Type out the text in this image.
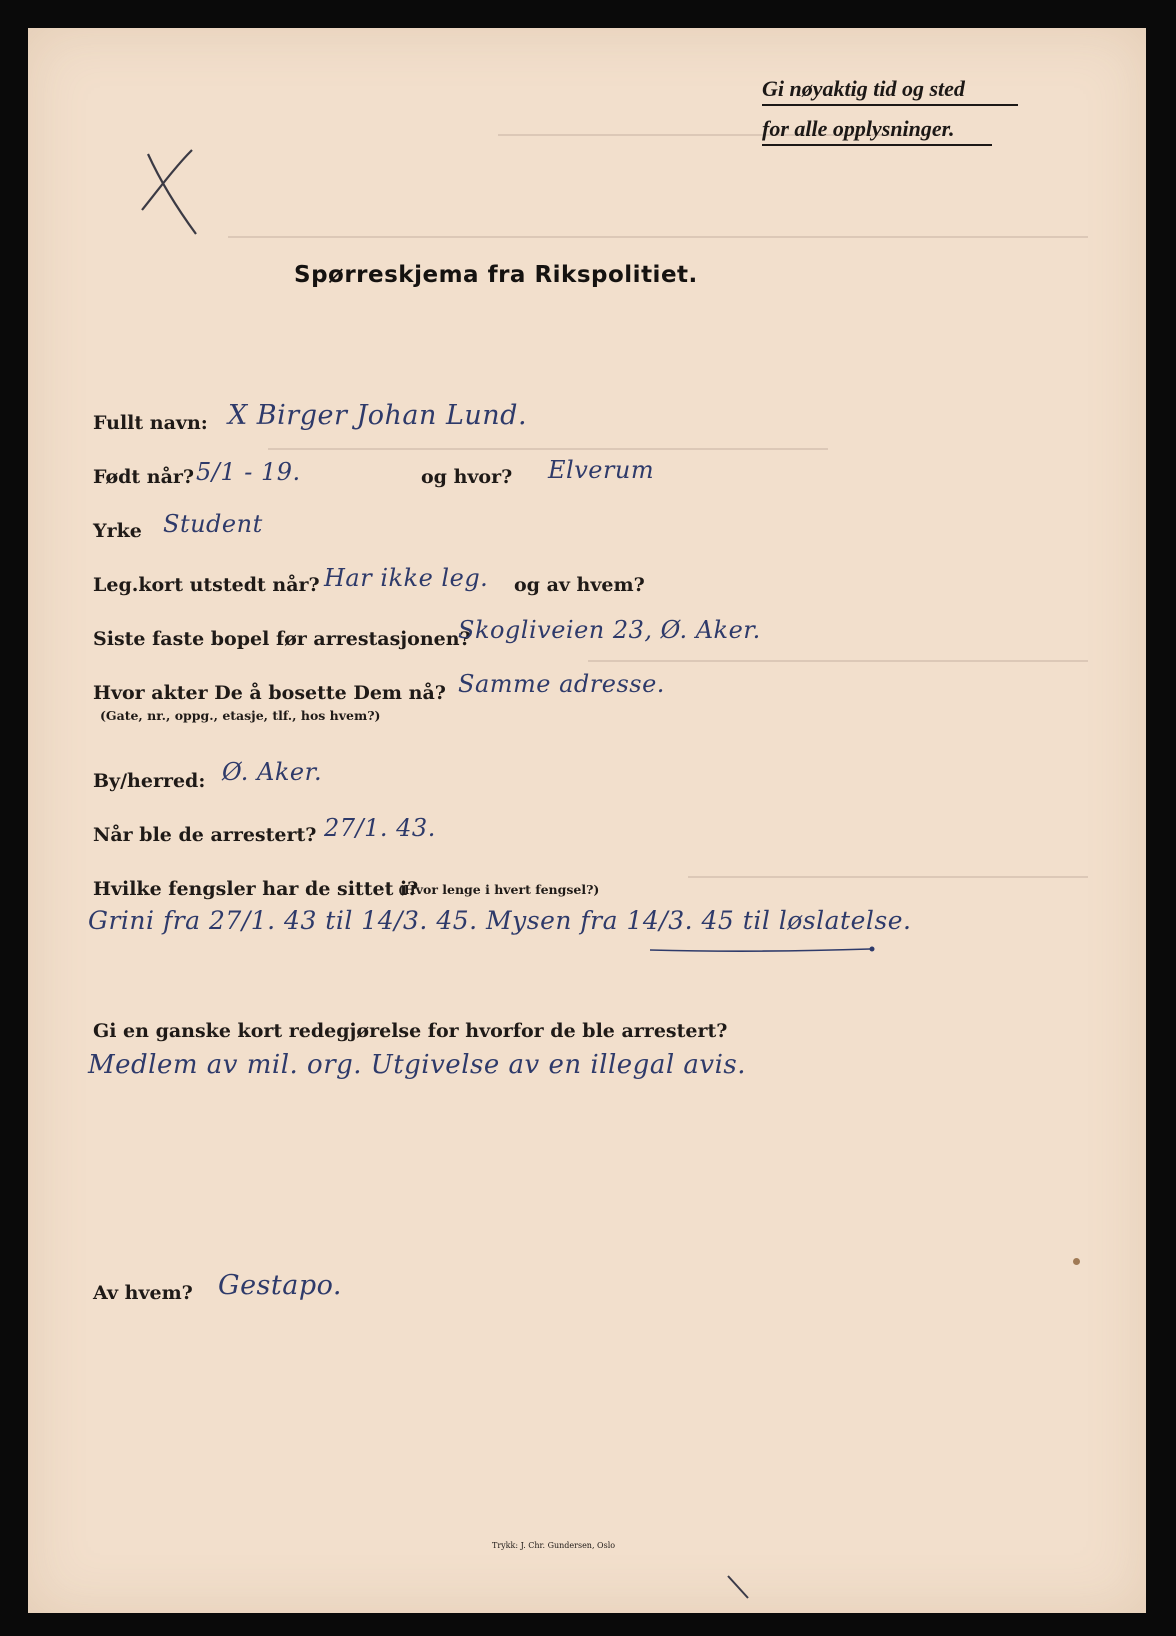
Gi nøyaktig tid og sted
for alle opplysninger.
Spørreskjema fra Rikspolitiet.
Fullt navn: X Birger Johan Lund.
Født når? 5/1 - 19.	og hvor? Elverum
Yrke Student
Leg.kort utstedt når? Har ikke leg. og av hvem?
Siste faste bopel før arrestasjonen?
Skogliveien 23, Ø. Aker.
Hvor akter De å bosette Dem nå?
(Gate, nr., oppg., etasje, tlf., hos hvem?)
Samme adresse.
By/herred: Ø. Aker.
Når ble de arrestert? 27/1. 43.
Hvilke fengsler har de sittet i?
(Hvor lenge i hvert fengsel?)
Grini fra 27/1. 43 til 14/3. 45. Mysen fra 14/3. 45 til løslatelse.
Gi en ganske kort redegjørelse for hvorfor de ble arrestert?
Medlem av mil. org. Utgivelse av en illegal avis.
Av hvem? Gestapo.
Trykk: J. Chr. Gundersen, Oslo
